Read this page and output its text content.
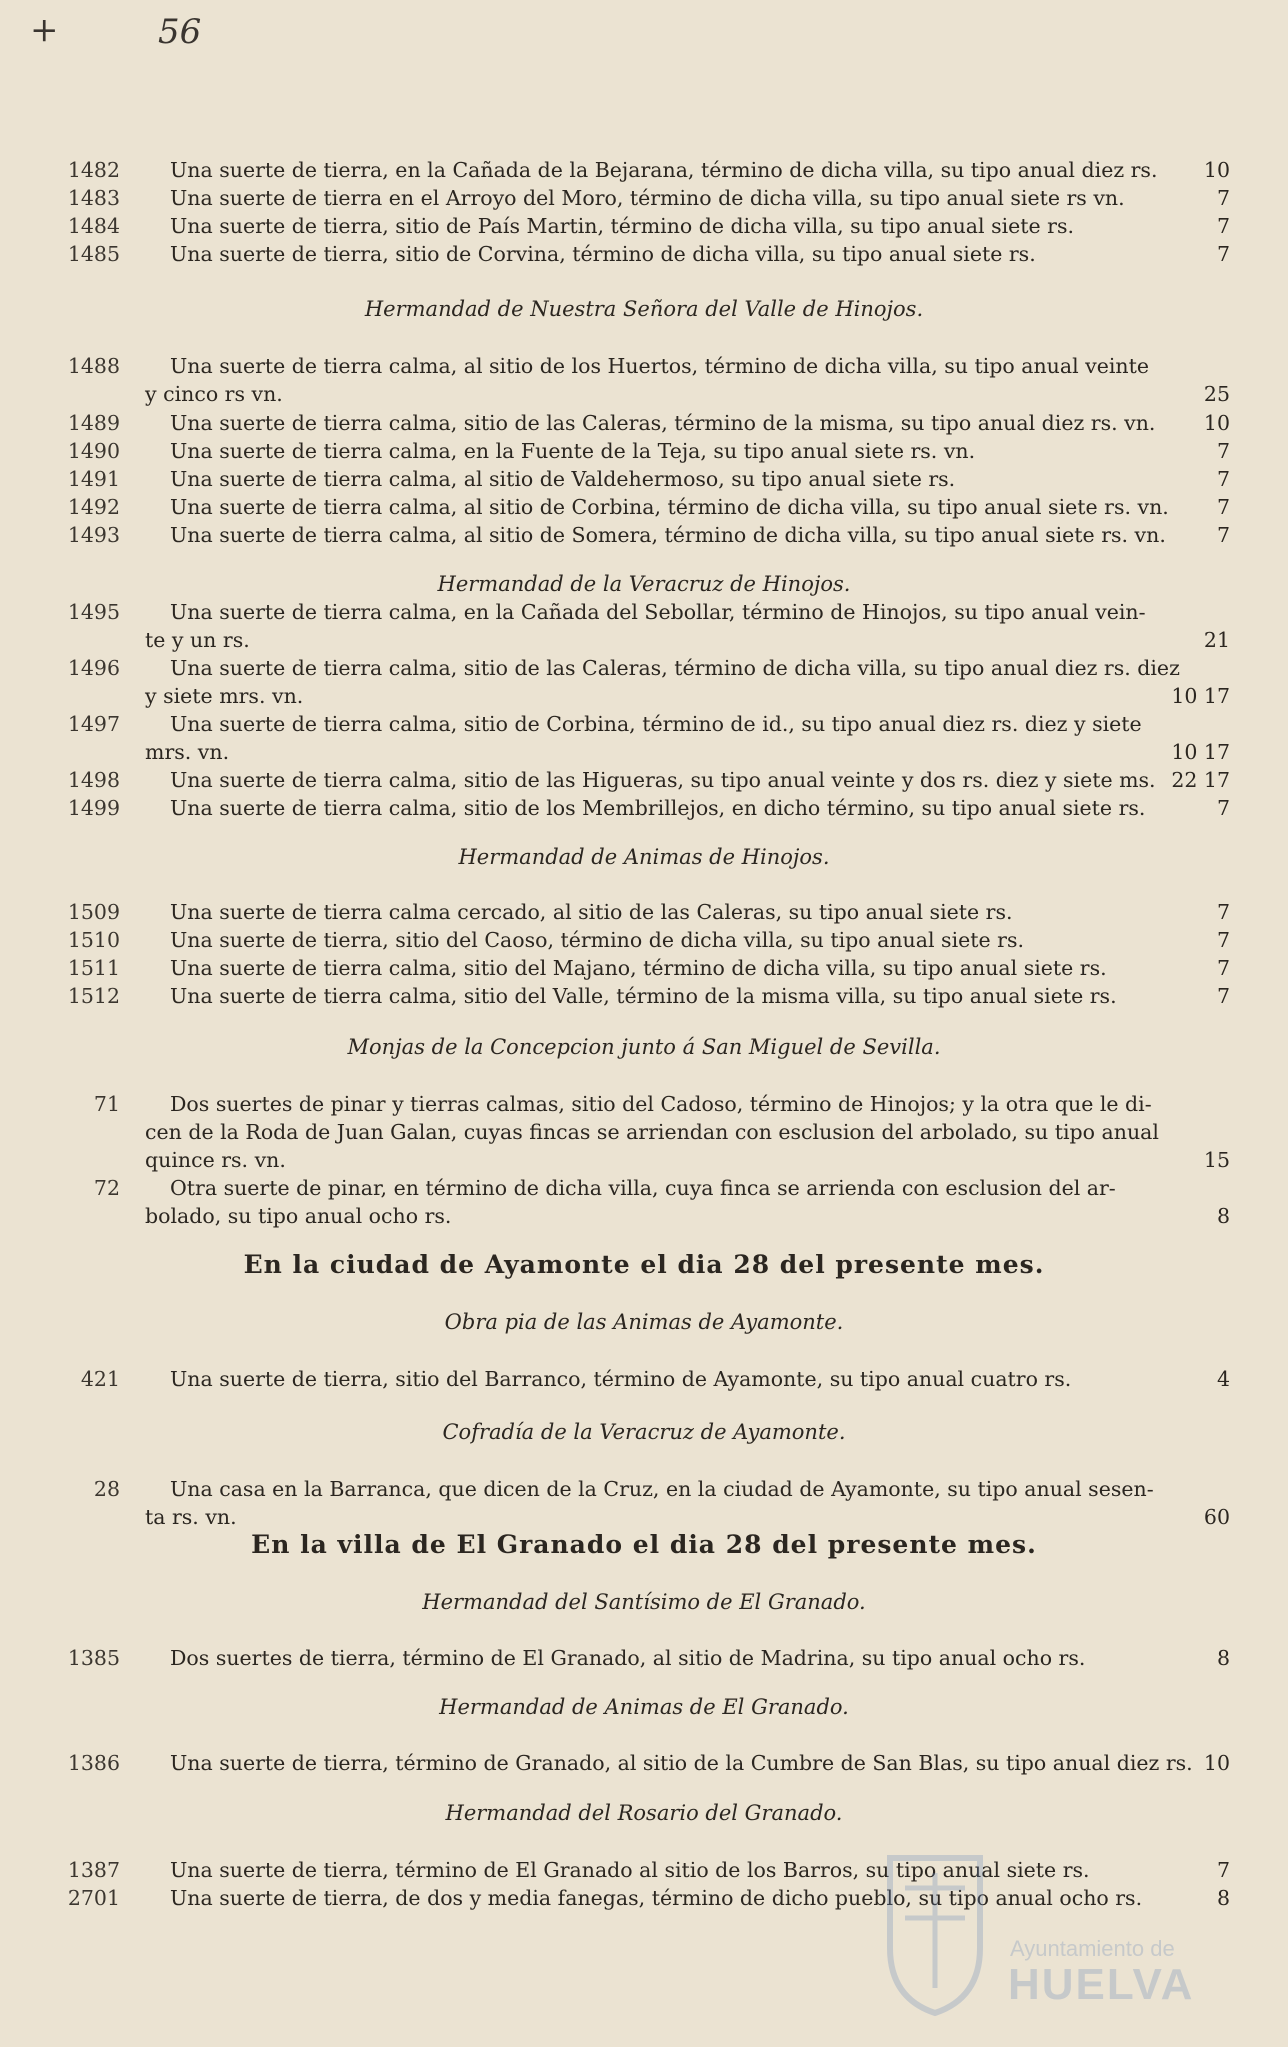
+	56
1482 Una suerte de tierra, en la Cañada de la Bejarana, término de dicha villa, su tipo anual diez rs.	10
1483 Una suerte de tierra en el Arroyo del Moro, término de dicha villa, su tipo anual siete rs vn.	7
1484 Una suerte de tierra, sitio de País Martin, término de dicha villa, su tipo anual siete rs.	7
1485 Una suerte de tierra, sitio de Corvina, término de dicha villa, su tipo anual siete rs.	7
Hermandad de Nuestra Señora del Valle de Hinojos.
1488 Una suerte de tierra calma, al sitio de los Huertos, término de dicha villa, su tipo anual veinte
y cinco rs vn.	25
1489 Una suerte de tierra calma, sitio de las Caleras, término de la misma, su tipo anual diez rs. vn.	10
1490 Una suerte de tierra calma, en la Fuente de la Teja, su tipo anual siete rs. vn.	7
1491 Una suerte de tierra calma, al sitio de Valdehermoso, su tipo anual siete rs.	7
1492 Una suerte de tierra calma, al sitio de Corbina, término de dicha villa, su tipo anual siete rs. vn.	7
1493 Una suerte de tierra calma, al sitio de Somera, término de dicha villa, su tipo anual siete rs. vn.	7
Hermandad de la Veracruz de Hinojos.
1495 Una suerte de tierra calma, en la Cañada del Sebollar, término de Hinojos, su tipo anual vein-
te y un rs.	21
1496 Una suerte de tierra calma, sitio de las Caleras, término de dicha villa, su tipo anual diez rs. diez
y siete mrs. vn.	10 17
1497 Una suerte de tierra calma, sitio de Corbina, término de id., su tipo anual diez rs. diez y siete
mrs. vn.	10 17
1498 Una suerte de tierra calma, sitio de las Higueras, su tipo anual veinte y dos rs. diez y siete ms. 22 17
1499 Una suerte de tierra calma, sitio de los Membrillejos, en dicho término, su tipo anual siete rs.	7
Hermandad de Animas de Hinojos.
1509 Una suerte de tierra calma cercado, al sitio de las Caleras, su tipo anual siete rs.	7
1510 Una suerte de tierra, sitio del Caoso, término de dicha villa, su tipo anual siete rs.	7
1511 Una suerte de tierra calma, sitio del Majano, término de dicha villa, su tipo anual siete rs.	7
1512 Una suerte de tierra calma, sitio del Valle, término de la misma villa, su tipo anual siete rs.	7
Monjas de la Concepcion junto á San Miguel de Sevilla.
71 Dos suertes de pinar y tierras calmas, sitio del Cadoso, término de Hinojos; y la otra que le di-
cen de la Roda de Juan Galan, cuyas fincas se arriendan con esclusion del arbolado, su tipo anual
quince rs. vn.	15
72 Otra suerte de pinar, en término de dicha villa, cuya finca se arrienda con esclusion del ar-
bolado, su tipo anual ocho rs.	8
En la ciudad de Ayamonte el dia 28 del presente mes.
Obra pia de las Animas de Ayamonte.
421 Una suerte de tierra, sitio del Barranco, término de Ayamonte, su tipo anual cuatro rs.	4
Cofradía de la Veracruz de Ayamonte.
28 Una casa en la Barranca, que dicen de la Cruz, en la ciudad de Ayamonte, su tipo anual sesen-
ta rs. vn.	60
En la villa de El Granado el dia 28 del presente mes.
Hermandad del Santísimo de El Granado.
1385 Dos suertes de tierra, término de El Granado, al sitio de Madrina, su tipo anual ocho rs.	8
Hermandad de Animas de El Granado.
1386 Una suerte de tierra, término de Granado, al sitio de la Cumbre de San Blas, su tipo anual diez rs. 10
Hermandad del Rosario del Granado.
1387 Una suerte de tierra, término de El Granado al sitio de los Barros, su tipo anual siete rs.	7
2701 Una suerte de tierra, de dos y media fanegas, término de dicho pueblo, su tipo anual ocho rs.	8
Ayuntamiento de
HUELVA
